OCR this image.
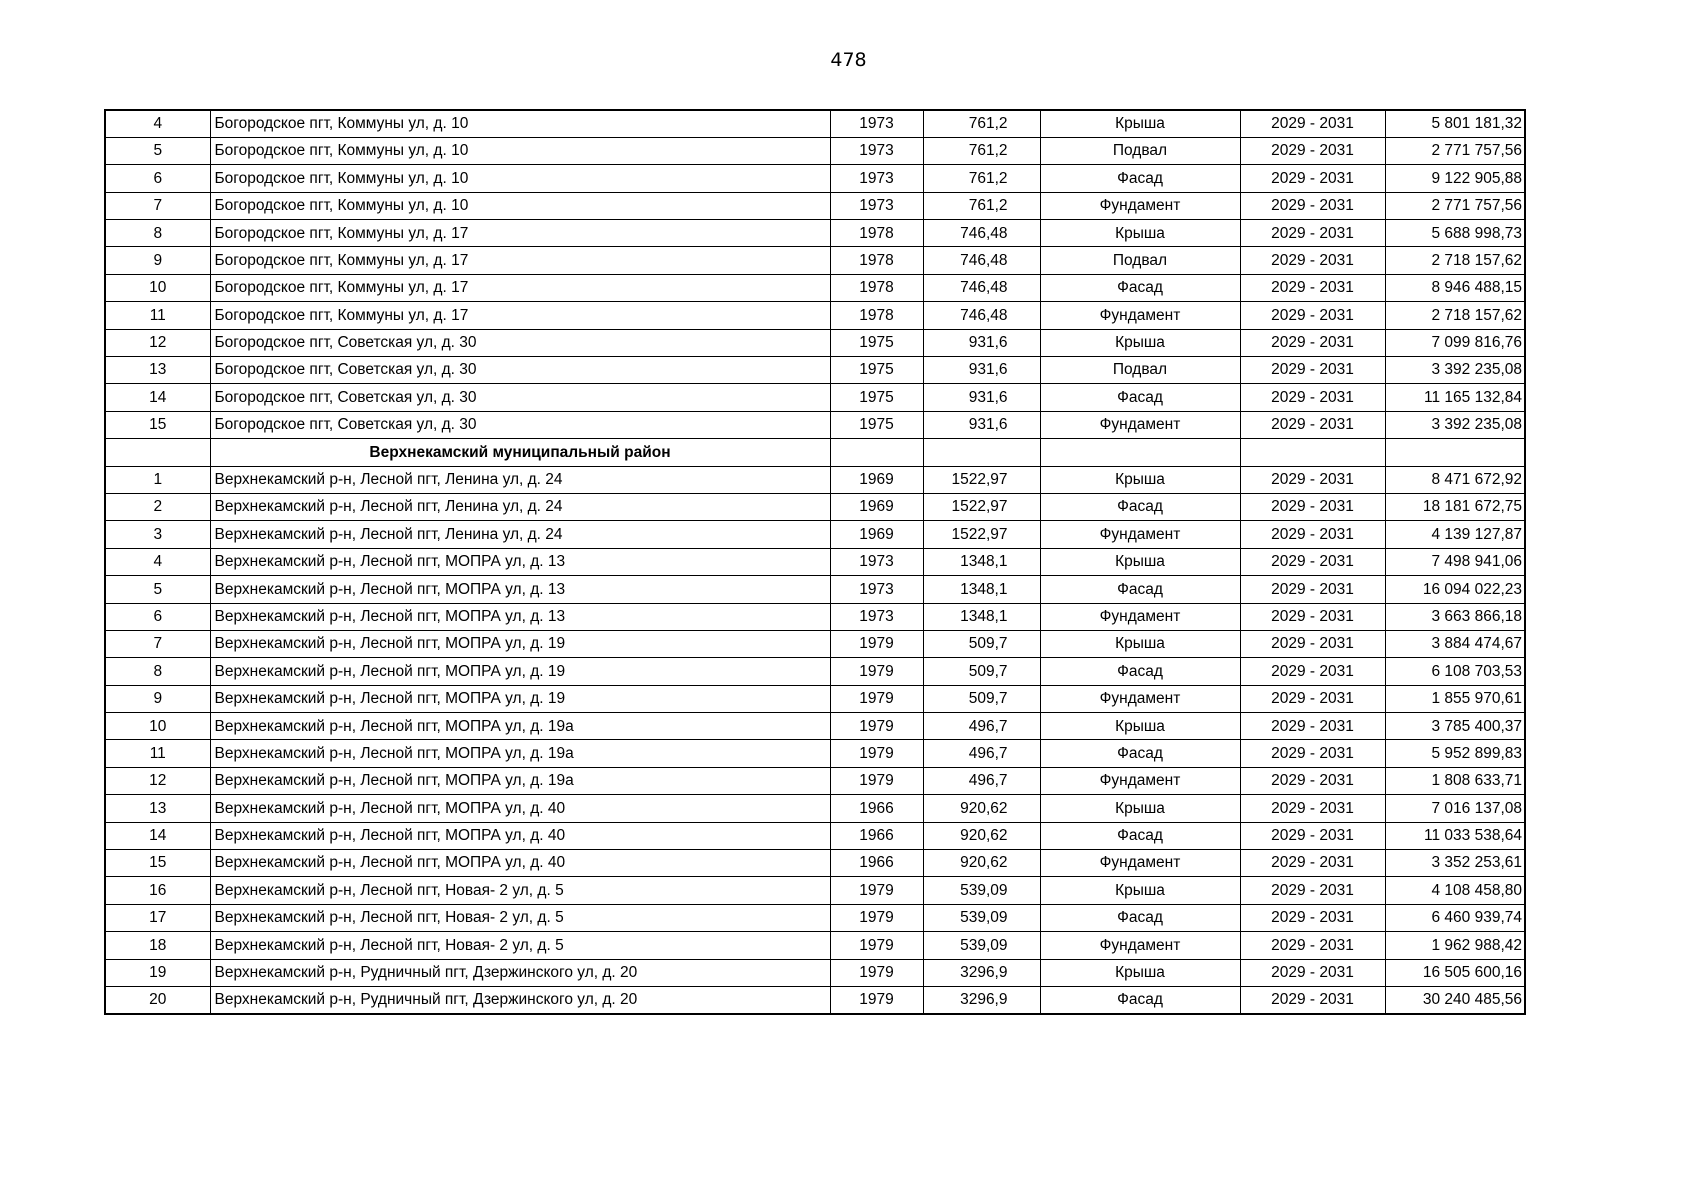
478
4	Богородское пгт, Коммуны ул, д. 10	1973	761,2	Крыша	2029 - 2031	5 801 181,32
5	Богородское пгт, Коммуны ул, д. 10	1973	761,2	Подвал	2029 - 2031	2 771 757,56
6	Богородское пгт, Коммуны ул, д. 10	1973	761,2	Фасад	2029 - 2031	9 122 905,88
7	Богородское пгт, Коммуны ул, д. 10	1973	761,2	Фундамент	2029 - 2031	2 771 757,56
8	Богородское пгт, Коммуны ул, д. 17	1978	746,48	Крыша	2029 - 2031	5 688 998,73
9	Богородское пгт, Коммуны ул, д. 17	1978	746,48	Подвал	2029 - 2031	2 718 157,62
10	Богородское пгт, Коммуны ул, д. 17	1978	746,48	Фасад	2029 - 2031	8 946 488,15
11	Богородское пгт, Коммуны ул, д. 17	1978	746,48	Фундамент	2029 - 2031	2 718 157,62
12	Богородское пгт, Советская ул, д. 30	1975	931,6	Крыша	2029 - 2031	7 099 816,76
13	Богородское пгт, Советская ул, д. 30	1975	931,6	Подвал	2029 - 2031	3 392 235,08
14	Богородское пгт, Советская ул, д. 30	1975	931,6	Фасад	2029 - 2031	11 165 132,84
15	Богородское пгт, Советская ул, д. 30	1975	931,6	Фундамент	2029 - 2031	3 392 235,08
	Верхнекамский муниципальный район					
1	Верхнекамский р-н, Лесной пгт, Ленина ул, д. 24	1969	1522,97	Крыша	2029 - 2031	8 471 672,92
2	Верхнекамский р-н, Лесной пгт, Ленина ул, д. 24	1969	1522,97	Фасад	2029 - 2031	18 181 672,75
3	Верхнекамский р-н, Лесной пгт, Ленина ул, д. 24	1969	1522,97	Фундамент	2029 - 2031	4 139 127,87
4	Верхнекамский р-н, Лесной пгт, МОПРА ул, д. 13	1973	1348,1	Крыша	2029 - 2031	7 498 941,06
5	Верхнекамский р-н, Лесной пгт, МОПРА ул, д. 13	1973	1348,1	Фасад	2029 - 2031	16 094 022,23
6	Верхнекамский р-н, Лесной пгт, МОПРА ул, д. 13	1973	1348,1	Фундамент	2029 - 2031	3 663 866,18
7	Верхнекамский р-н, Лесной пгт, МОПРА ул, д. 19	1979	509,7	Крыша	2029 - 2031	3 884 474,67
8	Верхнекамский р-н, Лесной пгт, МОПРА ул, д. 19	1979	509,7	Фасад	2029 - 2031	6 108 703,53
9	Верхнекамский р-н, Лесной пгт, МОПРА ул, д. 19	1979	509,7	Фундамент	2029 - 2031	1 855 970,61
10	Верхнекамский р-н, Лесной пгт, МОПРА ул, д. 19а	1979	496,7	Крыша	2029 - 2031	3 785 400,37
11	Верхнекамский р-н, Лесной пгт, МОПРА ул, д. 19а	1979	496,7	Фасад	2029 - 2031	5 952 899,83
12	Верхнекамский р-н, Лесной пгт, МОПРА ул, д. 19а	1979	496,7	Фундамент	2029 - 2031	1 808 633,71
13	Верхнекамский р-н, Лесной пгт, МОПРА ул, д. 40	1966	920,62	Крыша	2029 - 2031	7 016 137,08
14	Верхнекамский р-н, Лесной пгт, МОПРА ул, д. 40	1966	920,62	Фасад	2029 - 2031	11 033 538,64
15	Верхнекамский р-н, Лесной пгт, МОПРА ул, д. 40	1966	920,62	Фундамент	2029 - 2031	3 352 253,61
16	Верхнекамский р-н, Лесной пгт, Новая- 2 ул, д. 5	1979	539,09	Крыша	2029 - 2031	4 108 458,80
17	Верхнекамский р-н, Лесной пгт, Новая- 2 ул, д. 5	1979	539,09	Фасад	2029 - 2031	6 460 939,74
18	Верхнекамский р-н, Лесной пгт, Новая- 2 ул, д. 5	1979	539,09	Фундамент	2029 - 2031	1 962 988,42
19	Верхнекамский р-н, Рудничный пгт, Дзержинского ул, д. 20	1979	3296,9	Крыша	2029 - 2031	16 505 600,16
20	Верхнекамский р-н, Рудничный пгт, Дзержинского ул, д. 20	1979	3296,9	Фасад	2029 - 2031	30 240 485,56
